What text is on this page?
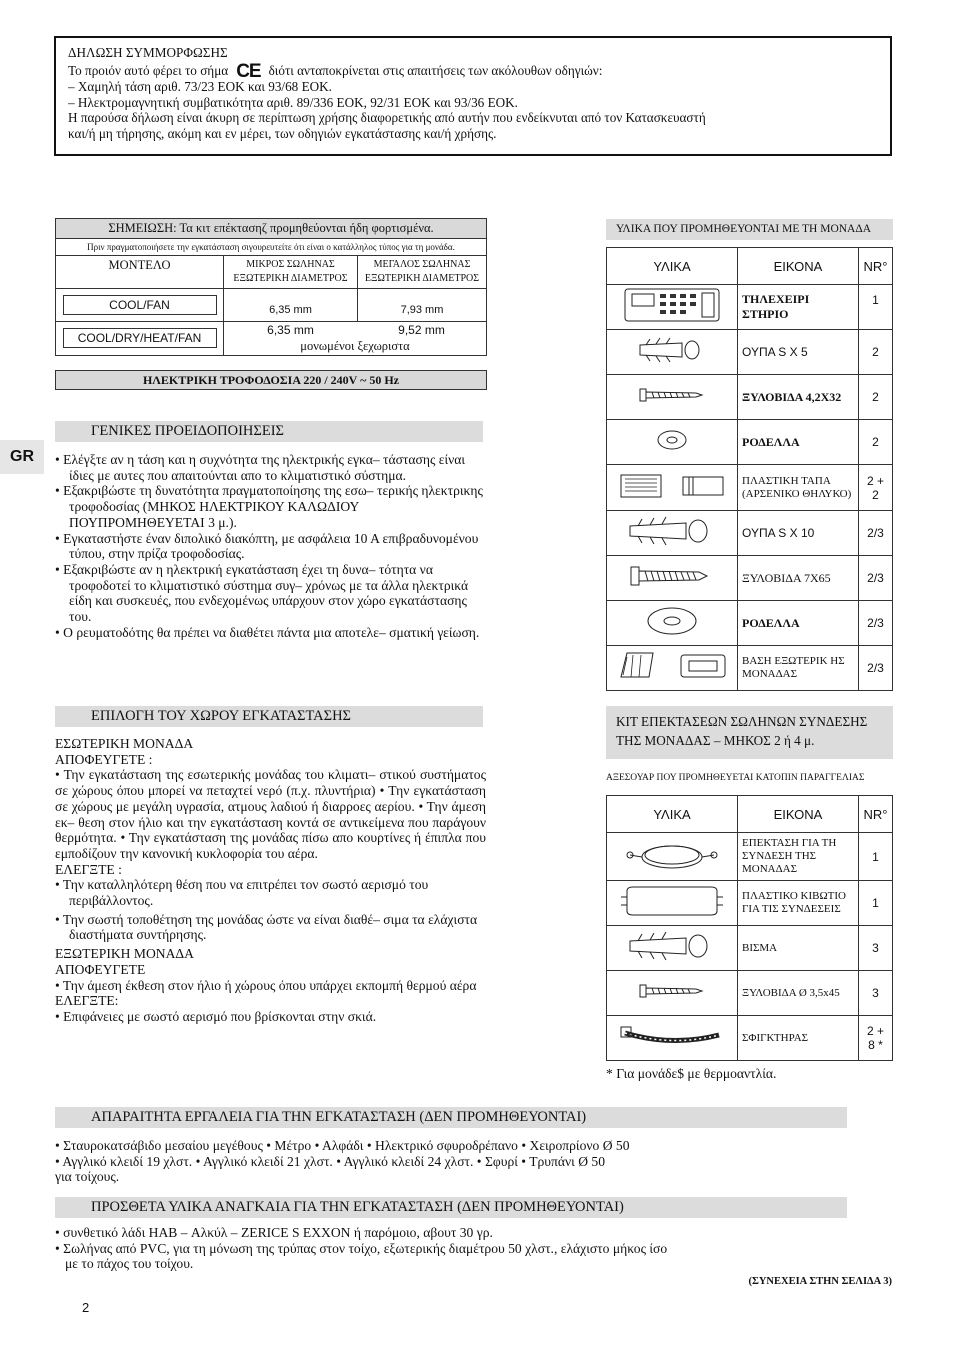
ΔΗΛΩΣΗ ΣΥΜΜΟΡΦΩΣΗΣ
Το προιόν αυτό φέρει το σήμα CE διότι ανταποκρίνεται στις απαιτήσεις των ακόλουθων οδηγιών:
– Χαμηλή τάση αριθ. 73/23 ΕΟΚ και 93/68 ΕΟΚ.
– Ηλεκτρομαγνητική συμβατικότητα αριθ. 89/336 ΕΟΚ, 92/31 ΕΟΚ και 93/36 ΕΟΚ.
Η παρούσα δήλωση είναι άκυρη σε περίπτωση χρήσης διαφορετικής από αυτήν που ενδείκνυται από τον Κατασκευαστή
και/ή μη τήρησης, ακόμη και εν μέρει, των οδηγιών εγκατάστασης και/ή χρήσης.
ΣΗΜΕΙΩΣΗ: Τα κιτ επέκτασηζ προμηθεύονται ήδη φορτισμένα.
Πριν πραγματοποιήσετε την εγκατάσταση σιγουρευτείτε ότι είναι ο κατάλληλος τύπος για τη μονάδα.
ΜΟΝΤΕΛΟ	ΜΙΚΡΟΣ ΣΩΛΗΝΑΣ ΕΞΩΤΕΡΙΚΗ ΔΙΑΜΕΤΡΟΣ	ΜΕΓΑΛΟΣ ΣΩΛΗΝΑΣ ΕΞΩΤΕΡΙΚΗ ΔΙΑΜΕΤΡΟΣ
COOL/FAN	6,35 mm	7,93 mm
COOL/DRY/HEAT/FAN	6,35 mm 9,52 mm
μονωμένοι ξεχωριστα	
ΗΛΕΚΤΡΙΚΗ ΤΡΟΦΟΔΟΣΙΑ 220 / 240V ~ 50 Hz
GR
ΓΕΝΙΚΕΣ ΠΡΟΕΙΔΟΠΟΙΗΣΕΙΣ

• Ελέγξτε αν η τάση και η συχνότητα της ηλεκτρικής εγκα– τάστασης είναι ίδιες με αυτες που απαιτούνται απο το κλιματιστικό σύστημα.

• Εξακριβώστε τη δυνατότητα πραγματοποίησης της εσω– τερικής ηλεκτρικης τροφοδοσίας (ΜΗΚΟΣ ΗΛΕΚΤΡΙΚΟΥ ΚΑΛΩΔΙΟΥ ΠΟΥΠΡΟΜΗΘΕΥΕΤΑΙ 3 μ.).

• Εγκαταστήστε έναν διπολικό διακόπτη, με ασφάλεια 10 Α επιβραδυνομένου τύπου, στην πρίζα τροφοδοσίας.

• Εξακριβώστε αν η ηλεκτρική εγκατάσταση έχει τη δυνα– τότητα να τροφοδοτεί το κλιματιστικό σύστημα συγ– χρόνως με τα άλλα ηλεκτρικά είδη και συσκευές, που ενδεχομένως υπάρχουν στον χώρο εγκατάστασης του.

• Ο ρευματοδότης θα πρέπει να διαθέτει πάντα μια αποτελε– σματική γείωση.

ΕΠΙΛΟΓΗ ΤΟΥ ΧΩΡΟΥ ΕΓΚΑΤΑΣΤΑΣΗΣ

ΕΣΩΤΕΡΙΚΗ ΜΟΝΑΔΑ

ΑΠΟΦΕΥΓΕΤΕ :

• Την εγκατάσταση της εσωτερικής μονάδας του κλιματι– στικού συστήματος σε χώρους όπου μπορεί να πεταχτεί νερό (π.χ. πλυντήρια) • Την εγκατάσταση σε χώρους με μεγάλη υγρασία, ατμους λαδιού ή διαρροες αερίου. • Την άμεση εκ– θεση στον ήλιο και την εγκατάσταση κοντά σε αντικείμενα που παράγουν θερμότητα. • Την εγκατάσταση της μονάδας πίσω απο κουρτίνες ή έπιπλα που εμποδίζουν την κανονική κυκλοφορία του αέρα.

ΕΛΕΓΞΤΕ :

• Την καταλληλότερη θέση που να επιτρέπει τον σωστό αερισμό του περιβάλλοντος.

• Την σωστή τοποθέτηση της μονάδας ώστε να είναι διαθέ– σιμα τα ελάχιστα διαστήματα συντήρησης.

ΕΞΩΤΕΡΙΚΗ ΜΟΝΑΔΑ

ΑΠΟΦΕΥΓΕΤΕ

• Την άμεση έκθεση στον ήλιο ή χώρους όπου υπάρχει εκπομπή θερμού αέρα

ΕΛΕΓΞΤΕ:

• Επιφάνειες με σωστό αερισμό που βρίσκονται στην σκιά.

ΥΛΙΚΑ ΠΟΥ ΠΡΟΜΗΘΕΥΟΝΤΑΙ ΜΕ ΤΗ ΜΟΝΑΔΑ
ΥΛΙΚΑ	ΕΙΚΟΝΑ	NR°
	ΤΗΛΕΧΕΙΡΙ ΣΤΗΡΙΟ	1
	ΟΥΠΑ S X 5	2
	ΞΥΛΟΒΙΔΑ 4,2X32	2
	ΡΟΔΕΛΛΑ	2
	ΠΛΑΣΤΙΚΗ ΤΑΠΑ (ΑΡΣΕΝΙΚΟ ΘΗΛΥΚΟ)	2 + 2
	ΟΥΠΑ S X 10	2/3
	ΞΥΛΟΒΙΔΑ 7X65	2/3
	ΡΟΔΕΛΛΑ	2/3
	ΒΑΣΗ ΕΞΩΤΕΡΙΚ ΗΣ ΜΟΝΑΔΑΣ	2/3
ΚΙΤ ΕΠΕΚΤΑΣΕΩΝ ΣΩΛΗΝΩΝ ΣΥΝΔΕΣΗΣ
ΤΗΣ ΜΟΝΑΔΑΣ – ΜΗΚΟΣ 2 ή 4 μ.
ΑΞΕΣΟΥΑΡ ΠΟΥ ΠΡΟΜΗΘΕΥΕΤΑΙ ΚΑΤΟΠΙΝ ΠΑΡΑΓΓΕΛΙΑΣ
ΥΛΙΚΑ	ΕΙΚΟΝΑ	NR°
	ΕΠΕΚΤΑΣΗ ΓΙΑ ΤΗ ΣΥΝΔΕΣΗ ΤΗΣ ΜΟΝΑΔΑΣ	1
	ΠΛΑΣΤΙΚΟ ΚΙΒΩΤΙΟ ΓΙΑ ΤΙΣ ΣΥΝΔΕΣΕΙΣ	1
	ΒΙΣΜΑ	3
	ΞΥΛΟΒΙΔΑ Ø 3,5x45	3
	ΣΦΙΓΚΤΗΡΑΣ	2 + 8 *
* Για μονάδε$ με θερμοαντλία.
ΑΠΑΡΑΙΤΗΤΑ ΕΡΓΑΛΕΙΑ ΓΙΑ ΤΗΝ ΕΓΚΑΤΑΣΤΑΣΗ (ΔΕΝ ΠΡΟΜΗΘΕΥΟΝΤΑΙ)
• Σταυροκατσάβιδο μεσαίου μεγέθους • Μέτρο • Αλφάδι • Ηλεκτρικό σφυροδρέπανο • Χειροπρίονο Ø 50
• Αγγλικό κλειδί 19 χλστ. • Αγγλικό κλειδί 21 χλστ. • Αγγλικό κλειδί 24 χλστ. • Σφυρί • Τρυπάνι Ø 50
για τοίχους.
ΠΡΟΣΘΕΤΑ ΥΛΙΚΑ ΑΝΑΓΚΑΙΑ ΓΙΑ ΤΗΝ ΕΓΚΑΤΑΣΤΑΣΗ (ΔΕΝ ΠΡΟΜΗΘΕΥΟΝΤΑΙ)
• συνθετικό λάδι HAB – Αλκύλ – ZERICE S EXXON ή παρόμοιο, αβουτ 30 γρ.
• Σωλήνας από PVC, για τη μόνωση της τρύπας στον τοίχο, εξωτερικής διαμέτρου 50 χλστ., ελάχιστο μήκος ίσο
με το πάχος του τοίχου.
(ΣΥΝΕΧΕΙΑ ΣΤΗΝ ΣΕΛΙΔΑ 3)
2
